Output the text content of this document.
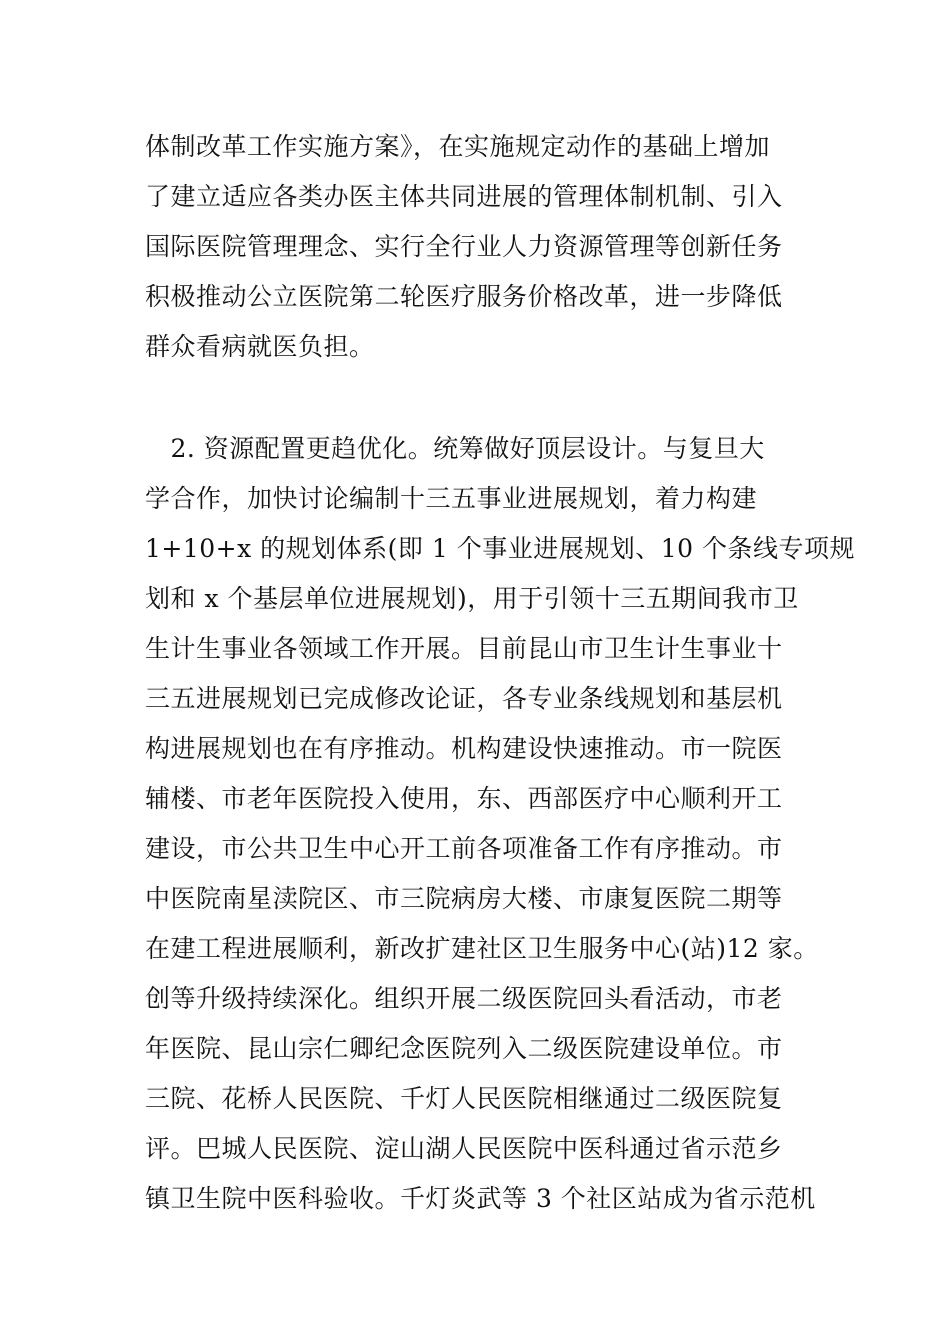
体制改革工作实施方案》，在实施规定动作的基础上增加
了建立适应各类办医主体共同进展的管理体制机制、引入
国际医院管理理念、实行全行业人力资源管理等创新任务
积极推动公立医院第二轮医疗服务价格改革，进一步降低
群众看病就医负担。
　2. 资源配置更趋优化。统筹做好顶层设计。与复旦大
学合作，加快讨论编制十三五事业进展规划，着力构建
1+10+x 的规划体系(即 1 个事业进展规划、10 个条线专项规
划和 x 个基层单位进展规划)，用于引领十三五期间我市卫
生计生事业各领域工作开展。目前昆山市卫生计生事业十
三五进展规划已完成修改论证，各专业条线规划和基层机
构进展规划也在有序推动。机构建设快速推动。市一院医
辅楼、市老年医院投入使用，东、西部医疗中心顺利开工
建设，市公共卫生中心开工前各项准备工作有序推动。市
中医院南星渎院区、市三院病房大楼、市康复医院二期等
在建工程进展顺利，新改扩建社区卫生服务中心(站)12 家。
创等升级持续深化。组织开展二级医院回头看活动，市老
年医院、昆山宗仁卿纪念医院列入二级医院建设单位。市
三院、花桥人民医院、千灯人民医院相继通过二级医院复
评。巴城人民医院、淀山湖人民医院中医科通过省示范乡
镇卫生院中医科验收。千灯炎武等 3 个社区站成为省示范机
